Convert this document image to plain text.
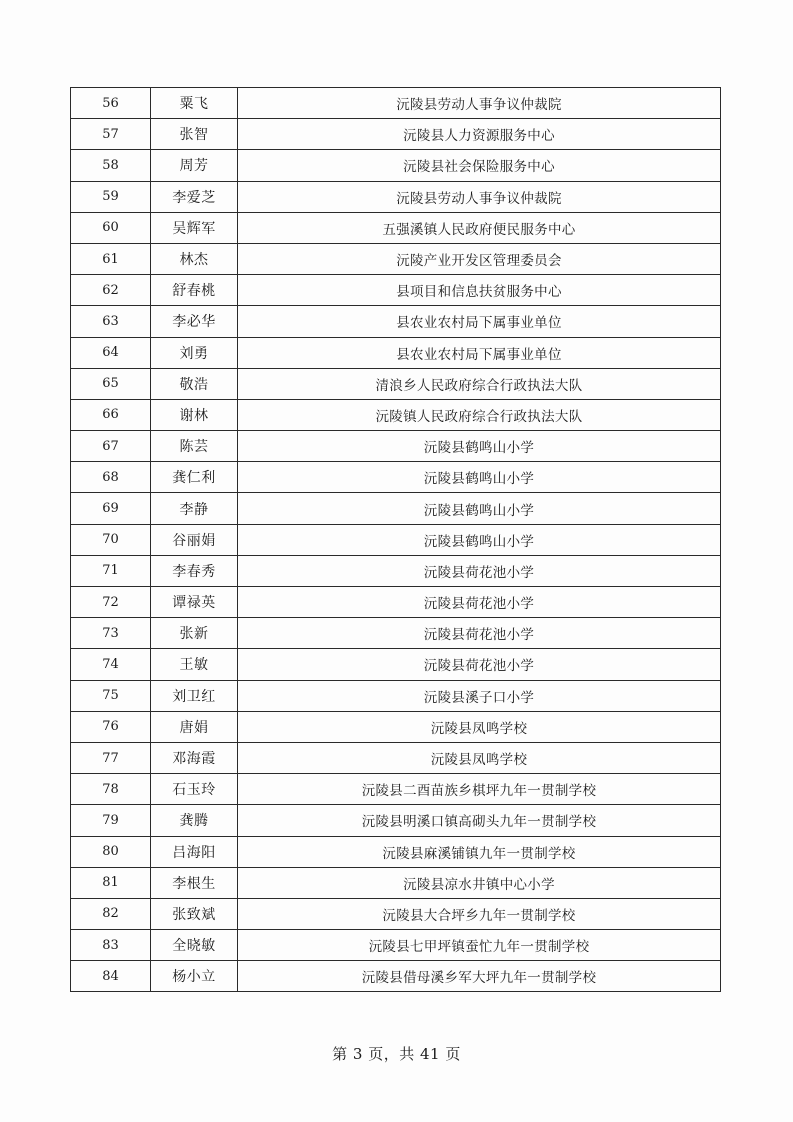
56	粟飞	沅陵县劳动人事争议仲裁院
57	张智	沅陵县人力资源服务中心
58	周芳	沅陵县社会保险服务中心
59	李爱芝	沅陵县劳动人事争议仲裁院
60	吴辉军	五强溪镇人民政府便民服务中心
61	林杰	沅陵产业开发区管理委员会
62	舒春桃	县项目和信息扶贫服务中心
63	李必华	县农业农村局下属事业单位
64	刘勇	县农业农村局下属事业单位
65	敬浩	清浪乡人民政府综合行政执法大队
66	谢林	沅陵镇人民政府综合行政执法大队
67	陈芸	沅陵县鹤鸣山小学
68	龚仁利	沅陵县鹤鸣山小学
69	李静	沅陵县鹤鸣山小学
70	谷丽娟	沅陵县鹤鸣山小学
71	李春秀	沅陵县荷花池小学
72	谭禄英	沅陵县荷花池小学
73	张新	沅陵县荷花池小学
74	王敏	沅陵县荷花池小学
75	刘卫红	沅陵县溪子口小学
76	唐娟	沅陵县凤鸣学校
77	邓海霞	沅陵县凤鸣学校
78	石玉玲	沅陵县二酉苗族乡棋坪九年一贯制学校
79	龚腾	沅陵县明溪口镇高砌头九年一贯制学校
80	吕海阳	沅陵县麻溪铺镇九年一贯制学校
81	李根生	沅陵县凉水井镇中心小学
82	张致斌	沅陵县大合坪乡九年一贯制学校
83	全晓敏	沅陵县七甲坪镇蚕忙九年一贯制学校
84	杨小立	沅陵县借母溪乡军大坪九年一贯制学校
第 3 页，共 41 页
